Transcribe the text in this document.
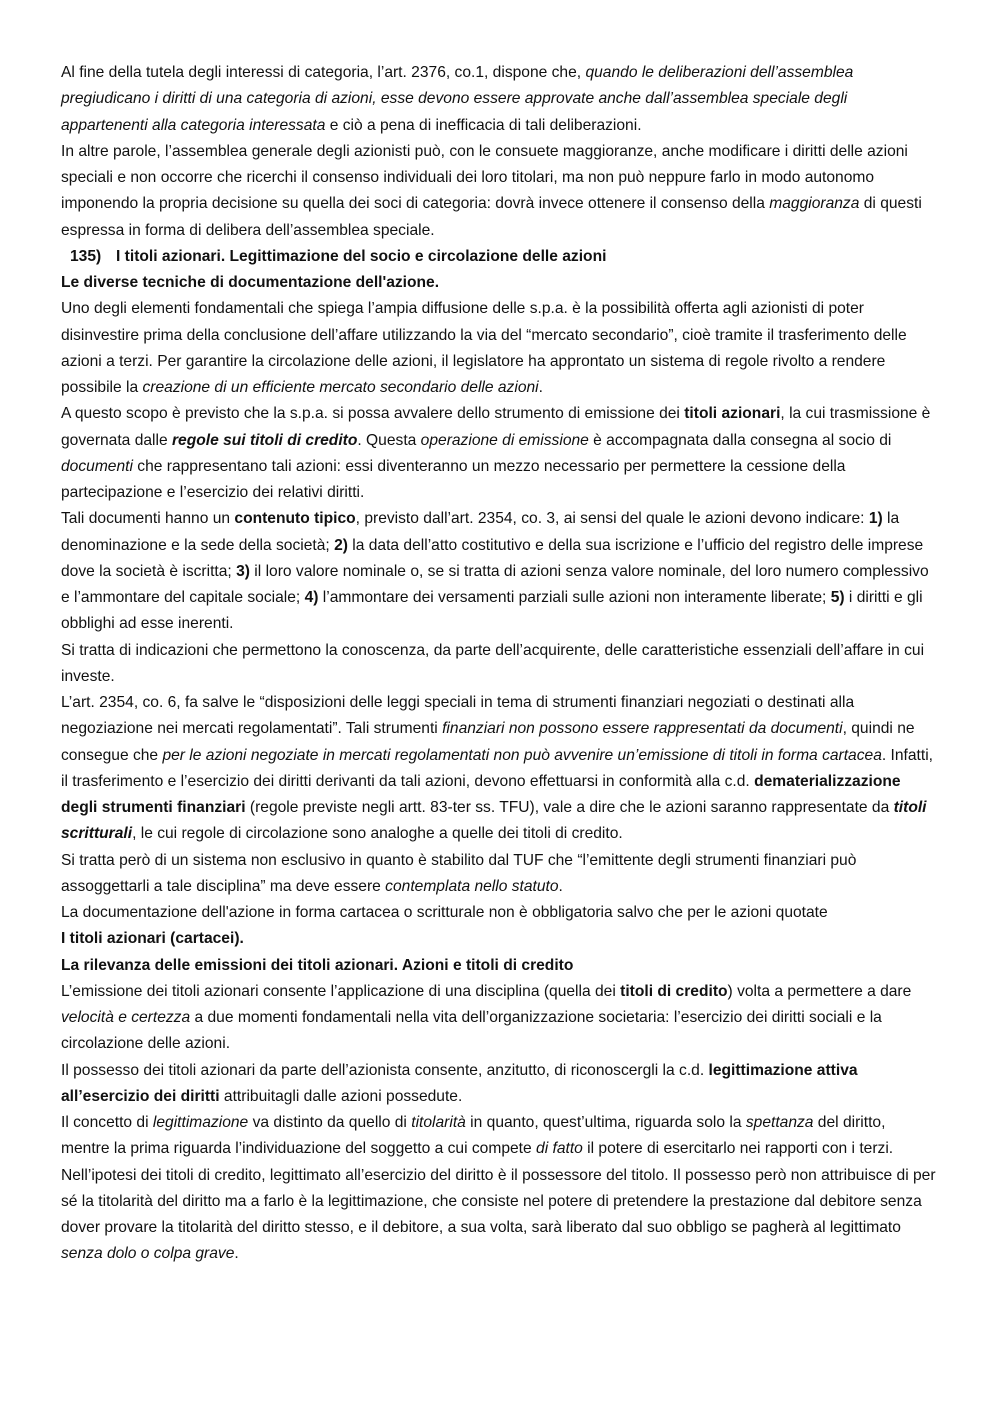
Al fine della tutela degli interessi di categoria, l’art. 2376, co.1, dispone che, quando le deliberazioni dell’assemblea pregiudicano i diritti di una categoria di azioni, esse devono essere approvate anche dall’assemblea speciale degli appartenenti alla categoria interessata e ciò a pena di inefficacia di tali deliberazioni.

In altre parole, l’assemblea generale degli azionisti può, con le consuete maggioranze, anche modificare i diritti delle azioni speciali e non occorre che ricerchi il consenso individuali dei loro titolari, ma non può neppure farlo in modo autonomo imponendo la propria decisione su quella dei soci di categoria: dovrà invece ottenere il consenso della maggioranza di questi espressa in forma di delibera dell’assemblea speciale.

135) I titoli azionari. Legittimazione del socio e circolazione delle azioni

Le diverse tecniche di documentazione dell'azione.

Uno degli elementi fondamentali che spiega l’ampia diffusione delle s.p.a. è la possibilità offerta agli azionisti di poter disinvestire prima della conclusione dell’affare utilizzando la via del “mercato secondario”, cioè tramite il trasferimento delle azioni a terzi. Per garantire la circolazione delle azioni, il legislatore ha approntato un sistema di regole rivolto a rendere possibile la creazione di un efficiente mercato secondario delle azioni.

A questo scopo è previsto che la s.p.a. si possa avvalere dello strumento di emissione dei titoli azionari, la cui trasmissione è governata dalle regole sui titoli di credito. Questa operazione di emissione è accompagnata dalla consegna al socio di documenti che rappresentano tali azioni: essi diventeranno un mezzo necessario per permettere la cessione della partecipazione e l’esercizio dei relativi diritti.

Tali documenti hanno un contenuto tipico, previsto dall’art. 2354, co. 3, ai sensi del quale le azioni devono indicare: 1) la denominazione e la sede della società; 2) la data dell’atto costitutivo e della sua iscrizione e l’ufficio del registro delle imprese dove la società è iscritta; 3) il loro valore nominale o, se si tratta di azioni senza valore nominale, del loro numero complessivo e l’ammontare del capitale sociale; 4) l’ammontare dei versamenti parziali sulle azioni non interamente liberate; 5) i diritti e gli obblighi ad esse inerenti.

Si tratta di indicazioni che permettono la conoscenza, da parte dell’acquirente, delle caratteristiche essenziali dell’affare in cui investe.

L’art. 2354, co. 6, fa salve le “disposizioni delle leggi speciali in tema di strumenti finanziari negoziati o destinati alla negoziazione nei mercati regolamentati”. Tali strumenti finanziari non possono essere rappresentati da documenti, quindi ne consegue che per le azioni negoziate in mercati regolamentati non può avvenire un’emissione di titoli in forma cartacea. Infatti, il trasferimento e l’esercizio dei diritti derivanti da tali azioni, devono effettuarsi in conformità alla c.d. dematerializzazione degli strumenti finanziari (regole previste negli artt. 83-ter ss. TFU), vale a dire che le azioni saranno rappresentate da titoli scritturali, le cui regole di circolazione sono analoghe a quelle dei titoli di credito.

Si tratta però di un sistema non esclusivo in quanto è stabilito dal TUF che “l’emittente degli strumenti finanziari può assoggettarli a tale disciplina” ma deve essere contemplata nello statuto.

La documentazione dell'azione in forma cartacea o scritturale non è obbligatoria salvo che per le azioni quotate

I titoli azionari (cartacei).

La rilevanza delle emissioni dei titoli azionari. Azioni e titoli di credito

L’emissione dei titoli azionari consente l’applicazione di una disciplina (quella dei titoli di credito) volta a permettere a dare velocità e certezza a due momenti fondamentali nella vita dell’organizzazione societaria: l’esercizio dei diritti sociali e la circolazione delle azioni.

Il possesso dei titoli azionari da parte dell’azionista consente, anzitutto, di riconoscergli la c.d. legittimazione attiva all’esercizio dei diritti attribuitagli dalle azioni possedute.

Il concetto di legittimazione va distinto da quello di titolarità in quanto, quest’ultima, riguarda solo la spettanza del diritto, mentre la prima riguarda l’individuazione del soggetto a cui compete di fatto il potere di esercitarlo nei rapporti con i terzi.

Nell’ipotesi dei titoli di credito, legittimato all’esercizio del diritto è il possessore del titolo. Il possesso però non attribuisce di per sé la titolarità del diritto ma a farlo è la legittimazione, che consiste nel potere di pretendere la prestazione dal debitore senza dover provare la titolarità del diritto stesso, e il debitore, a sua volta, sarà liberato dal suo obbligo se pagherà al legittimato senza dolo o colpa grave.
